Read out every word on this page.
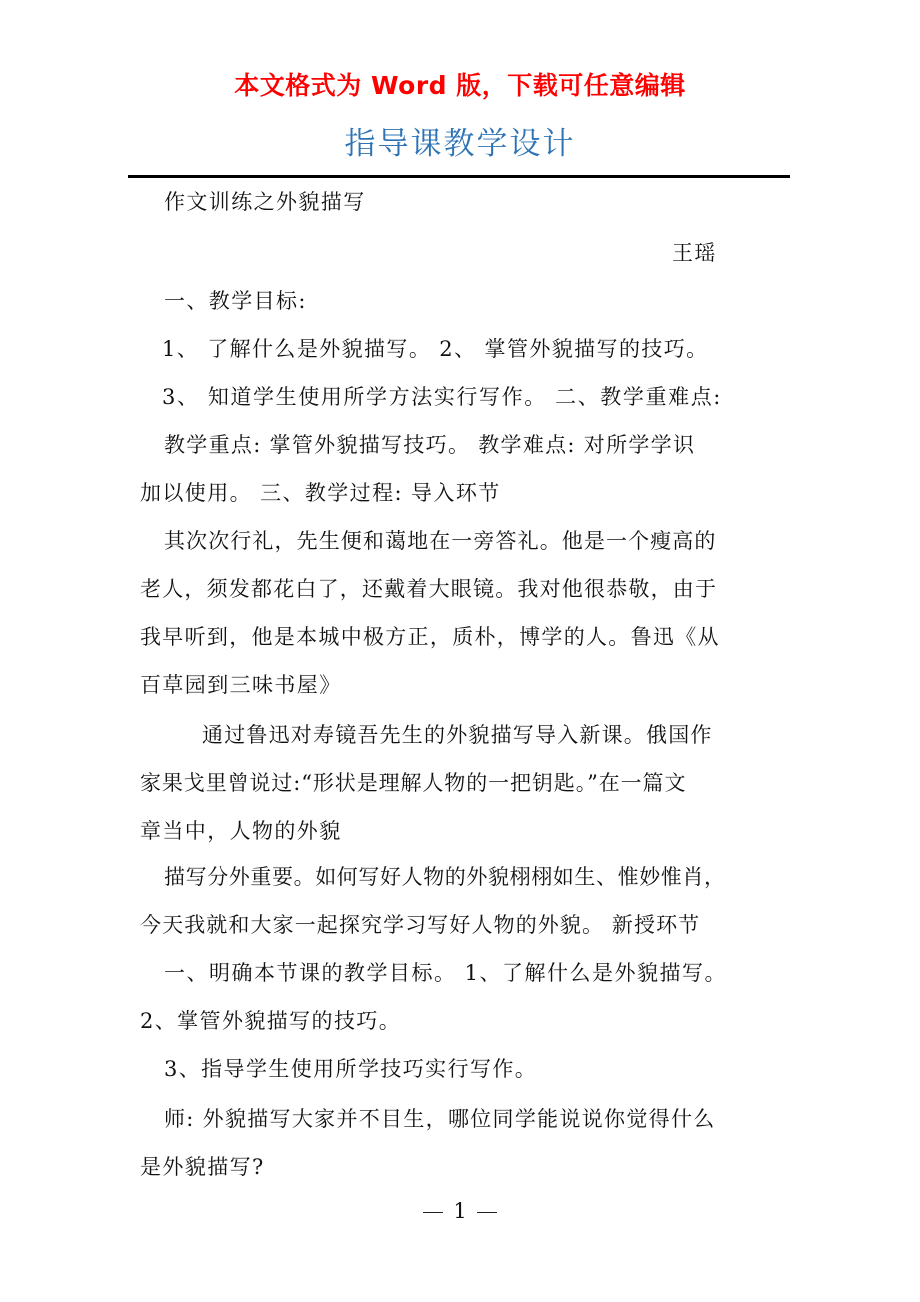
本文格式为 Word 版，下载可任意编辑
指导课教学设计
作文训练之外貌描写
王瑶
一、教学目标:
1、 了解什么是外貌描写。 2、 掌管外貌描写的技巧。
3、 知道学生使用所学方法实行写作。 二、教学重难点:
教学重点: 掌管外貌描写技巧。 教学难点: 对所学学识
加以使用。 三、教学过程: 导入环节
其次次行礼，先生便和蔼地在一旁答礼。他是一个瘦高的
老人，须发都花白了，还戴着大眼镜。我对他很恭敬，由于
我早听到，他是本城中极方正，质朴，博学的人。鲁迅《从
百草园到三味书屋》
通过鲁迅对寿镜吾先生的外貌描写导入新课。俄国作
家果戈里曾说过:“形状是理解人物的一把钥匙。”在一篇文
章当中，人物的外貌
描写分外重要。如何写好人物的外貌栩栩如生、惟妙惟肖，
今天我就和大家一起探究学习写好人物的外貌。 新授环节
一、明确本节课的教学目标。 1、了解什么是外貌描写。
2、掌管外貌描写的技巧。
3、指导学生使用所学技巧实行写作。
师: 外貌描写大家并不目生，哪位同学能说说你觉得什么
是外貌描写?
1
